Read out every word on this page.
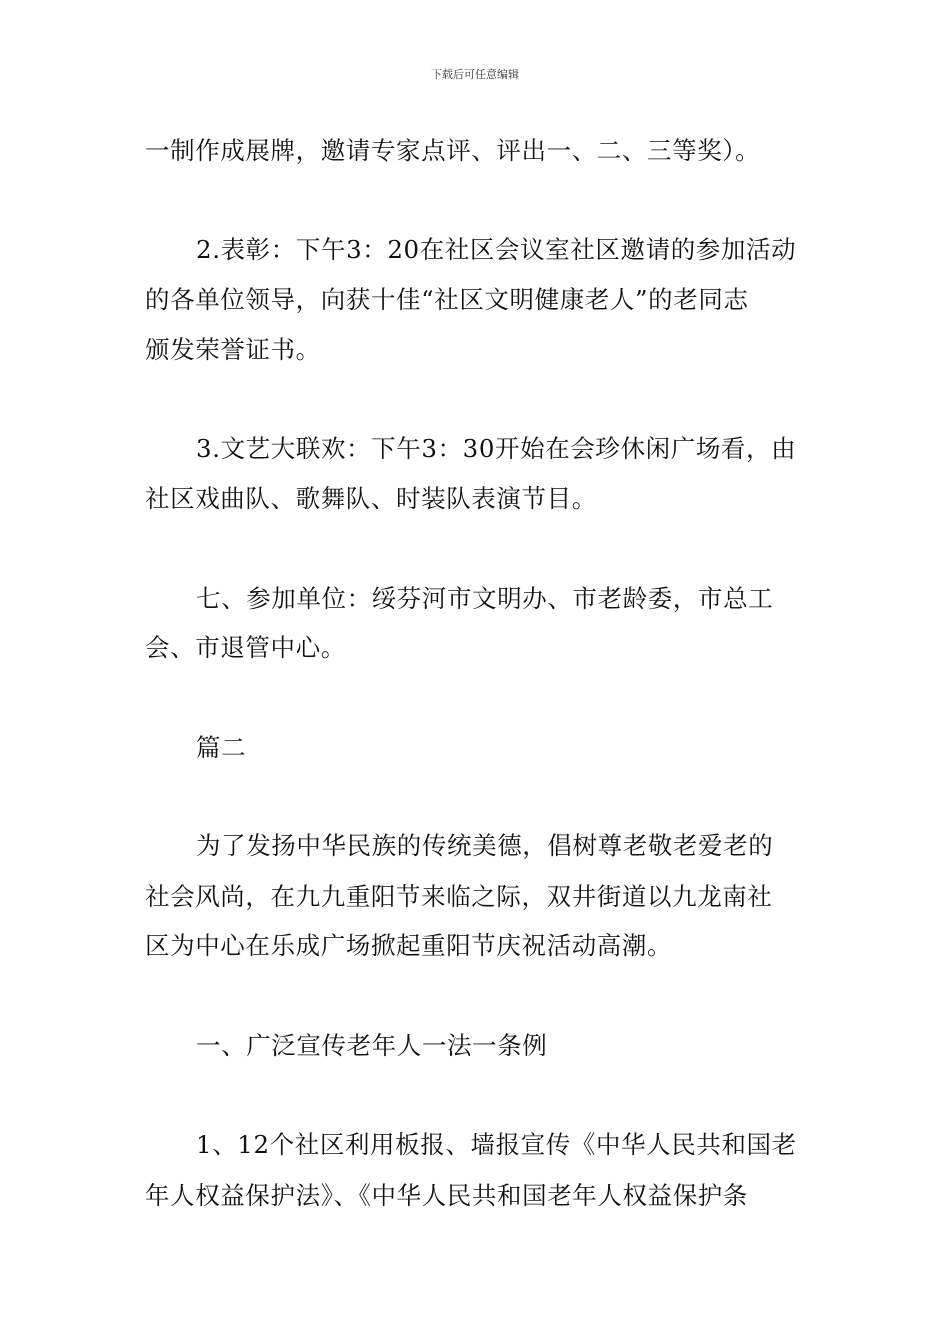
下载后可任意编辑
一制作成展牌，邀请专家点评、评出一、二、三等奖）。
2.表彰：下午3：20在社区会议室社区邀请的参加活动
的各单位领导，向获十佳“社区文明健康老人”的老同志
颁发荣誉证书。
3.文艺大联欢：下午3：30开始在会珍休闲广场看，由
社区戏曲队、歌舞队、时装队表演节目。
七、参加单位：绥芬河市文明办、市老龄委，市总工
会、市退管中心。
篇二
为了发扬中华民族的传统美德，倡树尊老敬老爱老的
社会风尚，在九九重阳节来临之际，双井街道以九龙南社
区为中心在乐成广场掀起重阳节庆祝活动高潮。
一、广泛宣传老年人一法一条例
1、12个社区利用板报、墙报宣传《中华人民共和国老
年人权益保护法》、《中华人民共和国老年人权益保护条
